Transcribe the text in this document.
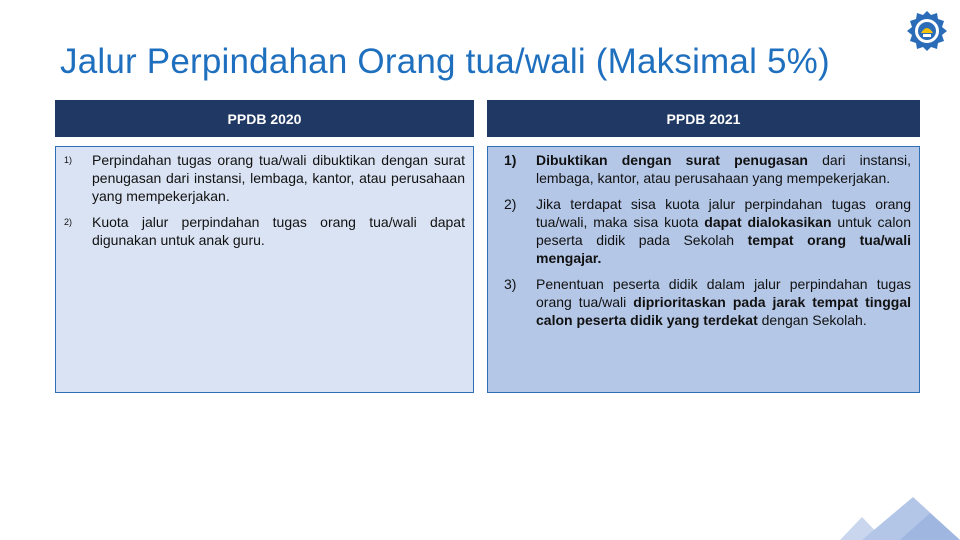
Jalur Perpindahan Orang tua/wali (Maksimal 5%)
PPDB 2020
1)	Perpindahan tugas orang tua/wali dibuktikan dengan surat penugasan dari instansi, lembaga, kantor, atau perusahaan yang mempekerjakan.
2)	Kuota jalur perpindahan tugas orang tua/wali dapat digunakan untuk anak guru.
PPDB 2021
1)	Dibuktikan dengan surat penugasan dari instansi, lembaga, kantor, atau perusahaan yang mempekerjakan.
2)	Jika terdapat sisa kuota jalur perpindahan tugas orang tua/wali, maka sisa kuota dapat dialokasikan untuk calon peserta didik pada Sekolah tempat orang tua/wali mengajar.
3)	Penentuan peserta didik dalam jalur perpindahan tugas orang tua/wali diprioritaskan pada jarak tempat tinggal calon peserta didik yang terdekat dengan Sekolah.
